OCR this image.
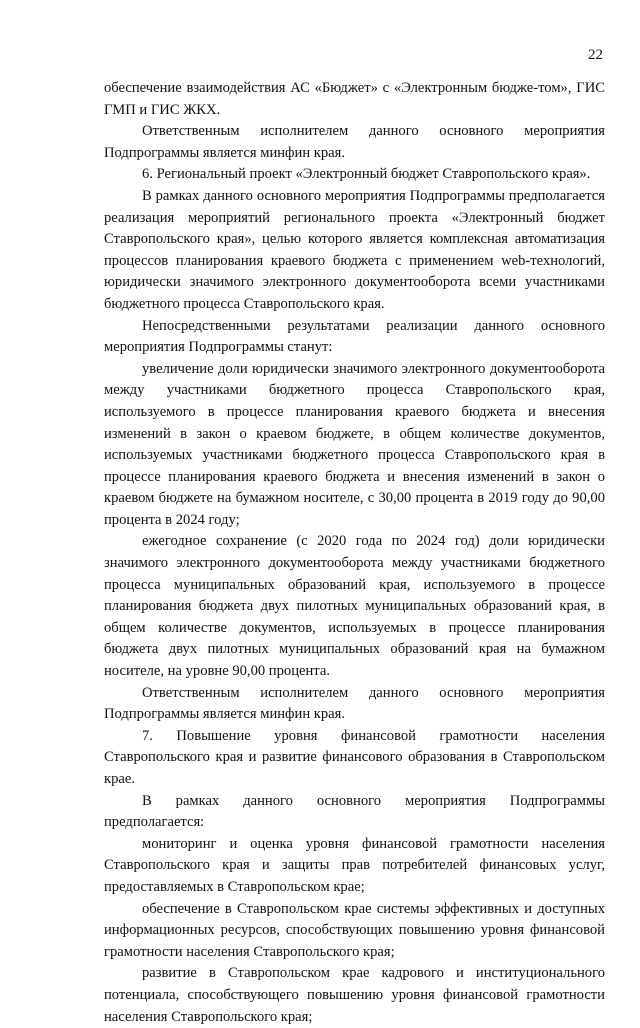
22

обеспечение взаимодействия АС «Бюджет» с «Электронным бюдже-том», ГИС ГМП и ГИС ЖКХ.

Ответственным исполнителем данного основного мероприятия Подпрограммы является минфин края.

6. Региональный проект «Электронный бюджет Ставропольского края».

В рамках данного основного мероприятия Подпрограммы предполагается реализация мероприятий регионального проекта «Электронный бюджет Ставропольского края», целью которого является комплексная автоматизация процессов планирования краевого бюджета с применением web-технологий, юридически значимого электронного документооборота всеми участниками бюджетного процесса Ставропольского края.

Непосредственными результатами реализации данного основного мероприятия Подпрограммы станут:

увеличение доли юридически значимого электронного документооборота между участниками бюджетного процесса Ставропольского края, используемого в процессе планирования краевого бюджета и внесения изменений в закон о краевом бюджете, в общем количестве документов, используемых участниками бюджетного процесса Ставропольского края в процессе планирования краевого бюджета и внесения изменений в закон о краевом бюджете на бумажном носителе, с 30,00 процента в 2019 году до 90,00 процента в 2024 году;

ежегодное сохранение (с 2020 года по 2024 год) доли юридически значимого электронного документооборота между участниками бюджетного процесса муниципальных образований края, используемого в процессе планирования бюджета двух пилотных муниципальных образований края, в общем количестве документов, используемых в процессе планирования бюджета двух пилотных муниципальных образований края на бумажном носителе, на уровне 90,00 процента.

Ответственным исполнителем данного основного мероприятия Подпрограммы является минфин края.

7. Повышение уровня финансовой грамотности населения Ставропольского края и развитие финансового образования в Ставропольском крае.

В рамках данного основного мероприятия Подпрограммы предполагается:

мониторинг и оценка уровня финансовой грамотности населения Ставропольского края и защиты прав потребителей финансовых услуг, предоставляемых в Ставропольском крае;

обеспечение в Ставропольском крае системы эффективных и доступных информационных ресурсов, способствующих повышению уровня финансовой грамотности населения Ставропольского края;

развитие в Ставропольском крае кадрового и институционального потенциала, способствующего повышению уровня финансовой грамотности населения Ставропольского края;
